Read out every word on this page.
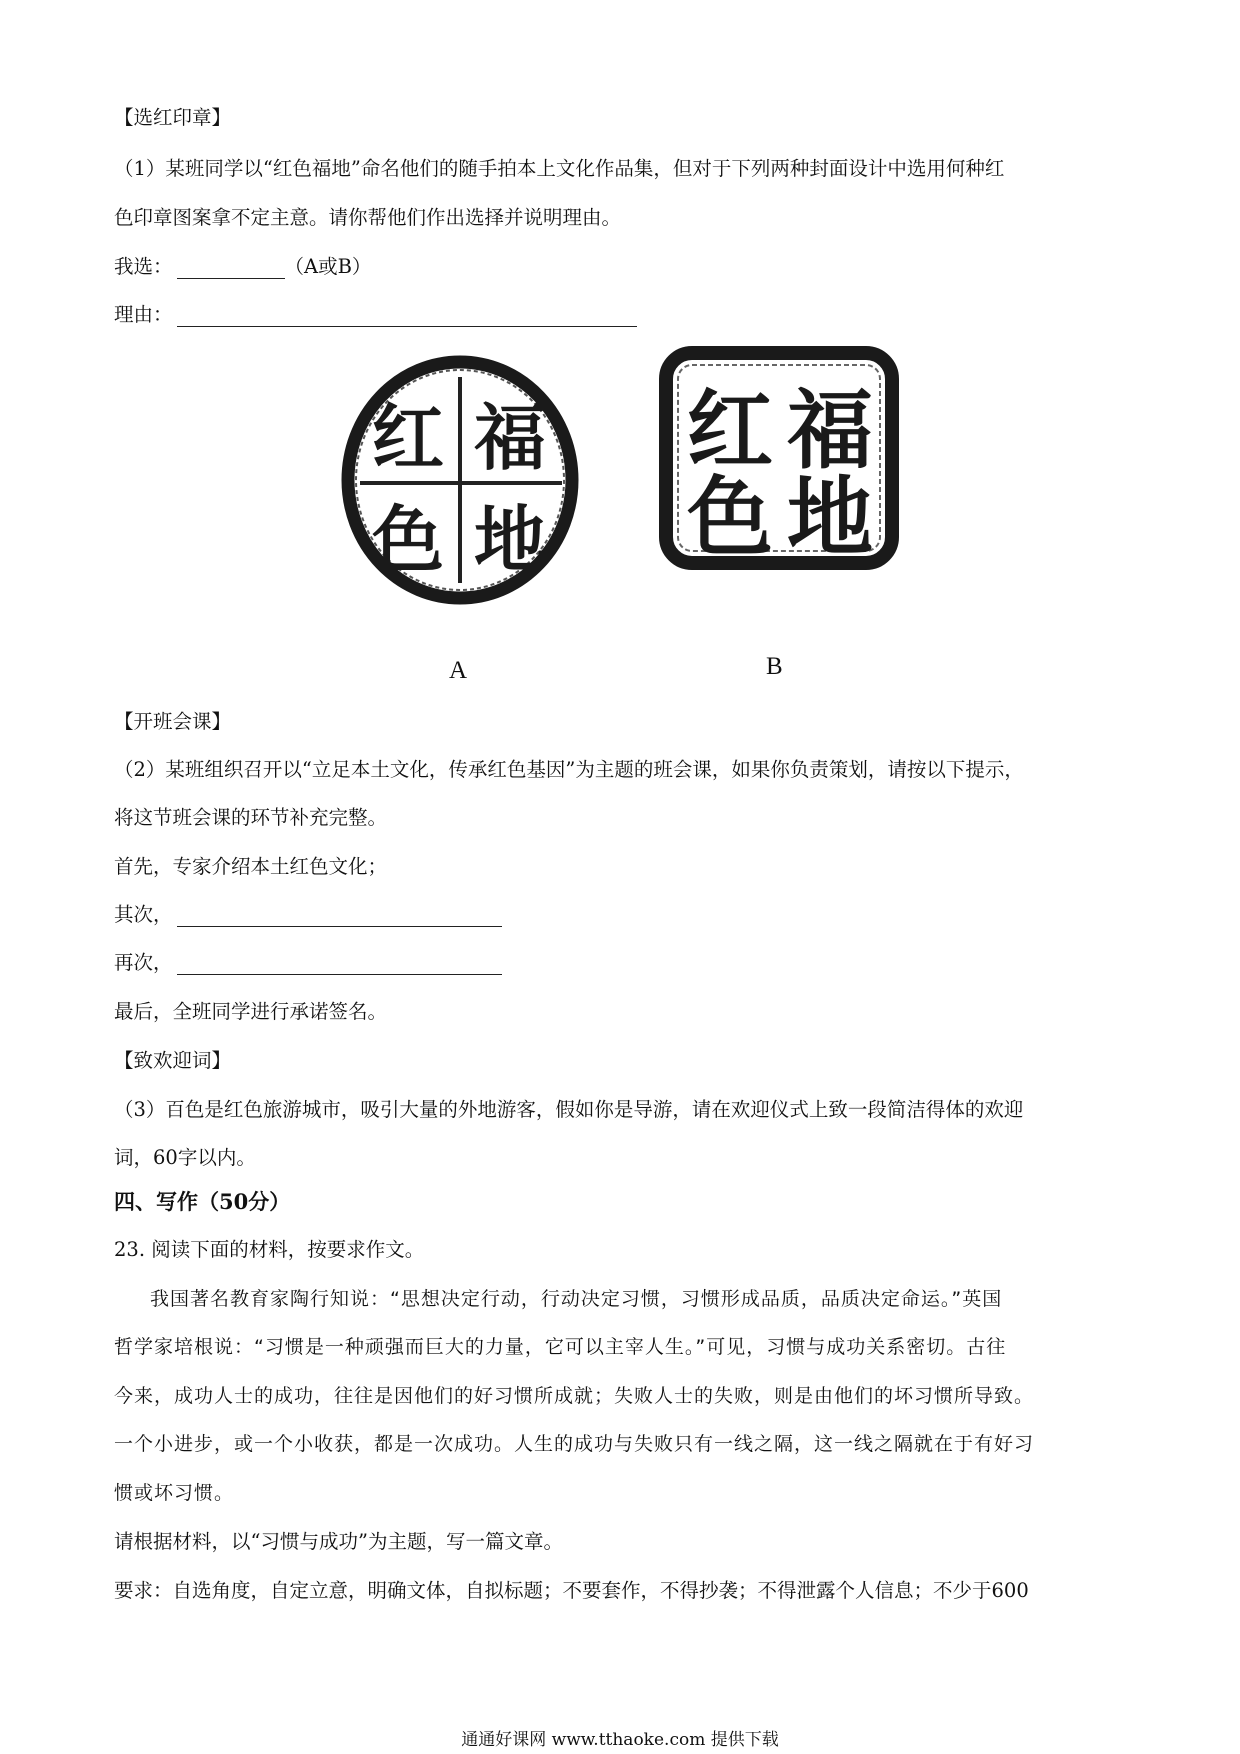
【选红印章】
（1）某班同学以“红色福地”命名他们的随手拍本上文化作品集，但对于下列两种封面设计中选用何种红
色印章图案拿不定主意。请你帮他们作出选择并说明理由。
我选：	（A或B）
理由：
红 福
色 地
红 福
色 地
A	B
【开班会课】
（2）某班组织召开以“立足本土文化，传承红色基因”为主题的班会课，如果你负责策划，请按以下提示，
将这节班会课的环节补充完整。
首先，专家介绍本土红色文化；
其次，
再次，
最后，全班同学进行承诺签名。
【致欢迎词】
（3）百色是红色旅游城市，吸引大量的外地游客，假如你是导游，请在欢迎仪式上致一段简洁得体的欢迎
词，60字以内。
四、写作（50分）
23. 阅读下面的材料，按要求作文。
我国著名教育家陶行知说：“思想决定行动，行动决定习惯，习惯形成品质，品质决定命运。”英国
哲学家培根说：“习惯是一种顽强而巨大的力量，它可以主宰人生。”可见，习惯与成功关系密切。古往
今来，成功人士的成功，往往是因他们的好习惯所成就；失败人士的失败，则是由他们的坏习惯所导致。
一个小进步，或一个小收获，都是一次成功。人生的成功与失败只有一线之隔，这一线之隔就在于有好习
惯或坏习惯。
请根据材料，以“习惯与成功”为主题，写一篇文章。
要求：自选角度，自定立意，明确文体，自拟标题；不要套作，不得抄袭；不得泄露个人信息；不少于600
通通好课网 www.tthaoke.com 提供下载
